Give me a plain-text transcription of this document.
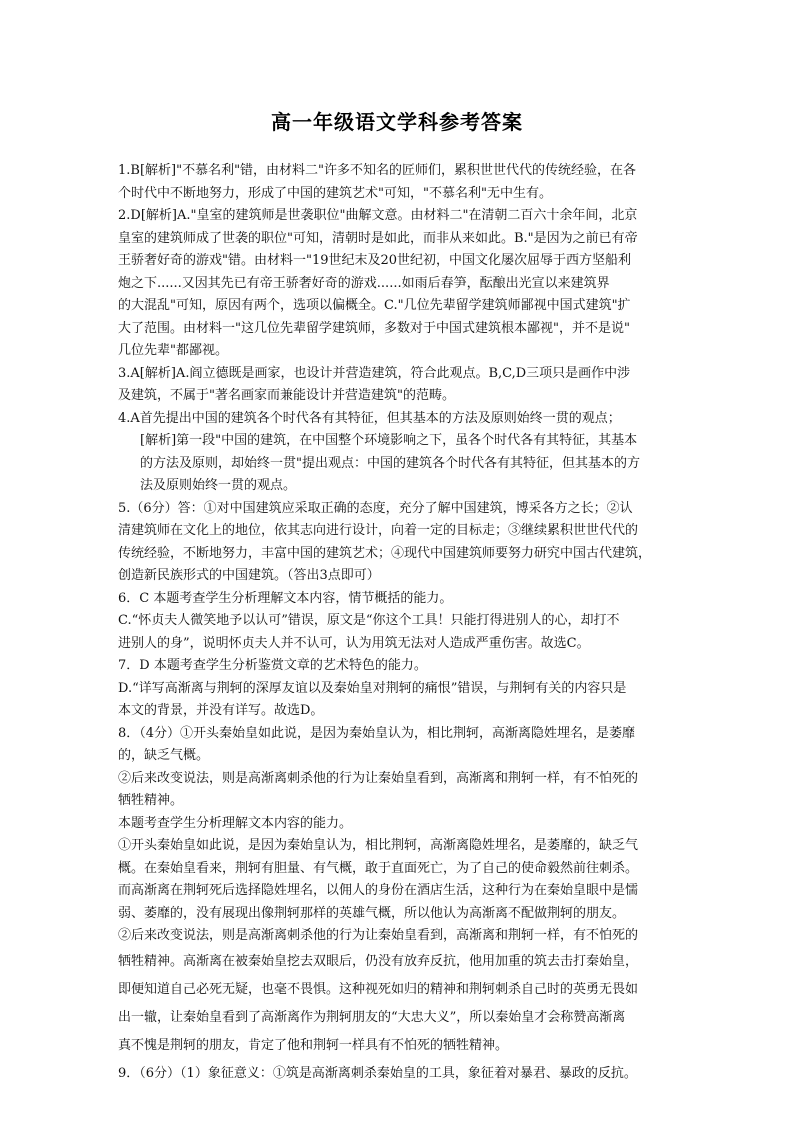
高一年级语文学科参考答案
1.B[解析]"不慕名利"错，由材料二"许多不知名的匠师们，累积世世代代的传统经验，在各
个时代中不断地努力，形成了中国的建筑艺术"可知，"不慕名利"无中生有。
2.D[解析]A."皇室的建筑师是世袭职位"曲解文意。由材料二"在清朝二百六十余年间，北京
皇室的建筑师成了世袭的职位"可知，清朝时是如此，而非从来如此。B."是因为之前已有帝
王骄奢好奇的游戏"错。由材料一"19世纪末及20世纪初，中国文化屡次屈辱于西方坚船利
炮之下......又因其先已有帝王骄奢好奇的游戏......如雨后春笋，酝酿出光宣以来建筑界
的大混乱"可知，原因有两个，选项以偏概全。C."几位先辈留学建筑师鄙视中国式建筑"扩
大了范围。由材料一"这几位先辈留学建筑师，多数对于中国式建筑根本鄙视"，并不是说"
几位先辈"都鄙视。
3.A[解析]A.阎立德既是画家，也设计并营造建筑，符合此观点。B,C,D三项只是画作中涉
及建筑，不属于"著名画家而兼能设计并营造建筑"的范畴。
4.A首先提出中国的建筑各个时代各有其特征，但其基本的方法及原则始终一贯的观点；
[解析]第一段"中国的建筑，在中国整个环境影响之下，虽各个时代各有其特征，其基本
的方法及原则，却始终一贯"提出观点：中国的建筑各个时代各有其特征，但其基本的方
法及原则始终一贯的观点。
5.（6分）答：①对中国建筑应采取正确的态度，充分了解中国建筑，博采各方之长；②认
清建筑师在文化上的地位，依其志向进行设计，向着一定的目标走；③继续累积世世代代的
传统经验，不断地努力，丰富中国的建筑艺术；④现代中国建筑师要努力研究中国古代建筑，
创造新民族形式的中国建筑。（答出3点即可）
6．C 本题考查学生分析理解文本内容，情节概括的能力。
C.“怀贞夫人微笑地予以认可”错误，原文是“你这个工具！只能打得进别人的心，却打不
进别人的身”，说明怀贞夫人并不认可，认为用筑无法对人造成严重伤害。故选C。
7．D 本题考查学生分析鉴赏文章的艺术特色的能力。
D.“详写高渐离与荆轲的深厚友谊以及秦始皇对荆轲的痛恨”错误，与荆轲有关的内容只是
本文的背景，并没有详写。故选D。
8．（4分）①开头秦始皇如此说，是因为秦始皇认为，相比荆轲，高渐离隐姓埋名，是萎靡
的，缺乏气概。
②后来改变说法，则是高渐离刺杀他的行为让秦始皇看到，高渐离和荆轲一样，有不怕死的
牺牲精神。
本题考查学生分析理解文本内容的能力。
①开头秦始皇如此说，是因为秦始皇认为，相比荆轲，高渐离隐姓埋名，是萎靡的，缺乏气
概。在秦始皇看来，荆轲有胆量、有气概，敢于直面死亡，为了自己的使命毅然前往刺杀。
而高渐离在荆轲死后选择隐姓埋名，以佣人的身份在酒店生活，这种行为在秦始皇眼中是懦
弱、萎靡的，没有展现出像荆轲那样的英雄气概，所以他认为高渐离不配做荆轲的朋友。
②后来改变说法，则是高渐离刺杀他的行为让秦始皇看到，高渐离和荆轲一样，有不怕死的
牺牲精神。高渐离在被秦始皇挖去双眼后，仍没有放弃反抗，他用加重的筑去击打秦始皇，
即便知道自己必死无疑，也毫不畏惧。这种视死如归的精神和荆轲刺杀自己时的英勇无畏如
出一辙，让秦始皇看到了高渐离作为荆轲朋友的“大忠大义”，所以秦始皇才会称赞高渐离
真不愧是荆轲的朋友，肯定了他和荆轲一样具有不怕死的牺牲精神。
9．（6分）（1）象征意义：①筑是高渐离刺杀秦始皇的工具，象征着对暴君、暴政的反抗。
